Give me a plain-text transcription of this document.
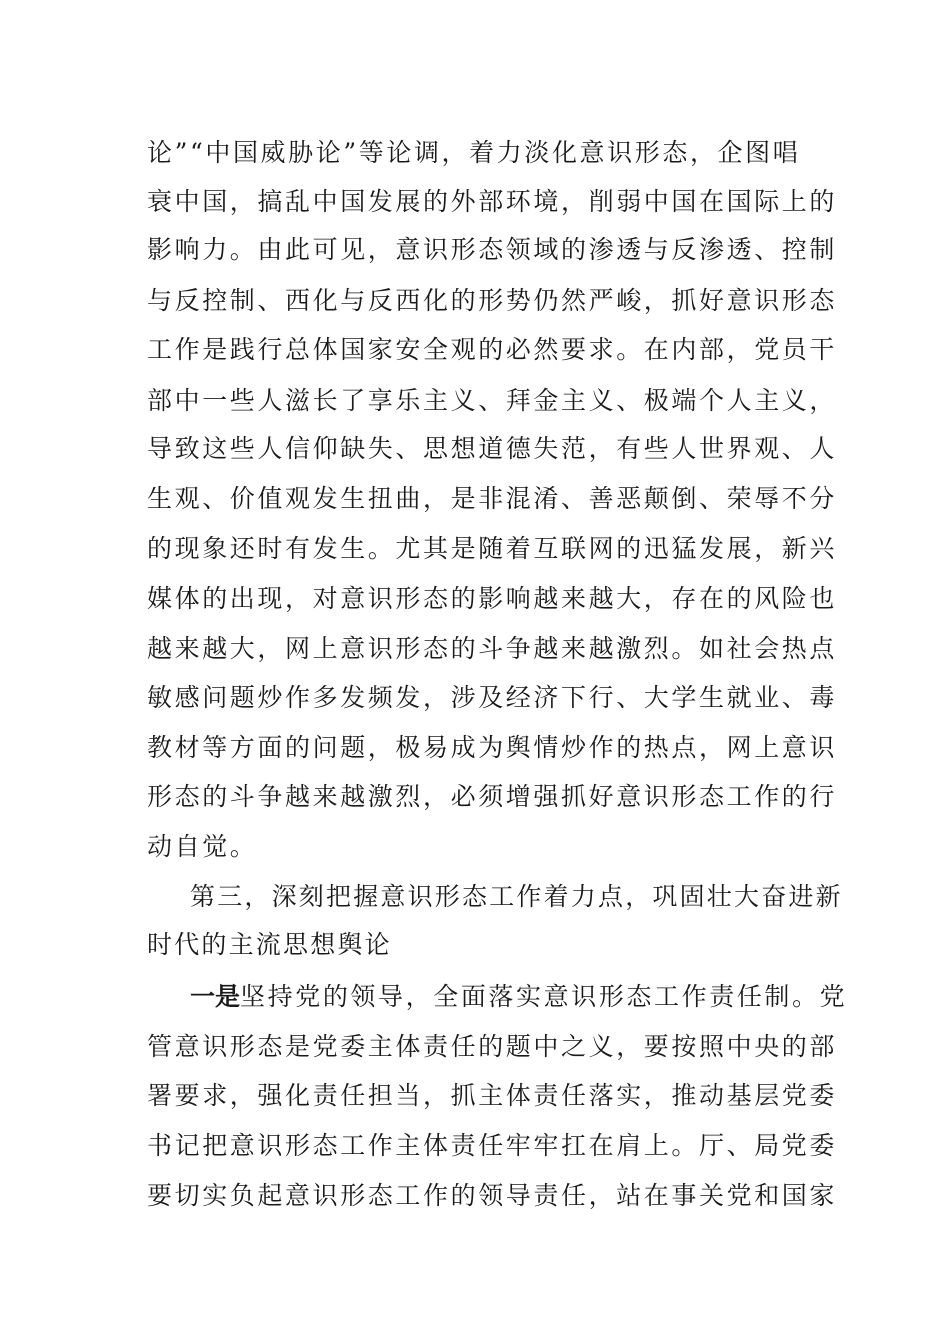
论”“中国威胁论”等论调，着力淡化意识形态，企图唱
衰中国，搞乱中国发展的外部环境，削弱中国在国际上的
影响力。由此可见，意识形态领域的渗透与反渗透、控制
与反控制、西化与反西化的形势仍然严峻，抓好意识形态
工作是践行总体国家安全观的必然要求。在内部，党员干
部中一些人滋长了享乐主义、拜金主义、极端个人主义，
导致这些人信仰缺失、思想道德失范，有些人世界观、人
生观、价值观发生扭曲，是非混淆、善恶颠倒、荣辱不分
的现象还时有发生。尤其是随着互联网的迅猛发展，新兴
媒体的出现，对意识形态的影响越来越大，存在的风险也
越来越大，网上意识形态的斗争越来越激烈。如社会热点
敏感问题炒作多发频发，涉及经济下行、大学生就业、毒
教材等方面的问题，极易成为舆情炒作的热点，网上意识
形态的斗争越来越激烈，必须增强抓好意识形态工作的行
动自觉。
第三，深刻把握意识形态工作着力点，巩固壮大奋进新
时代的主流思想舆论
一是坚持党的领导，全面落实意识形态工作责任制。党
管意识形态是党委主体责任的题中之义，要按照中央的部
署要求，强化责任担当，抓主体责任落实，推动基层党委
书记把意识形态工作主体责任牢牢扛在肩上。厅、局党委
要切实负起意识形态工作的领导责任，站在事关党和国家
